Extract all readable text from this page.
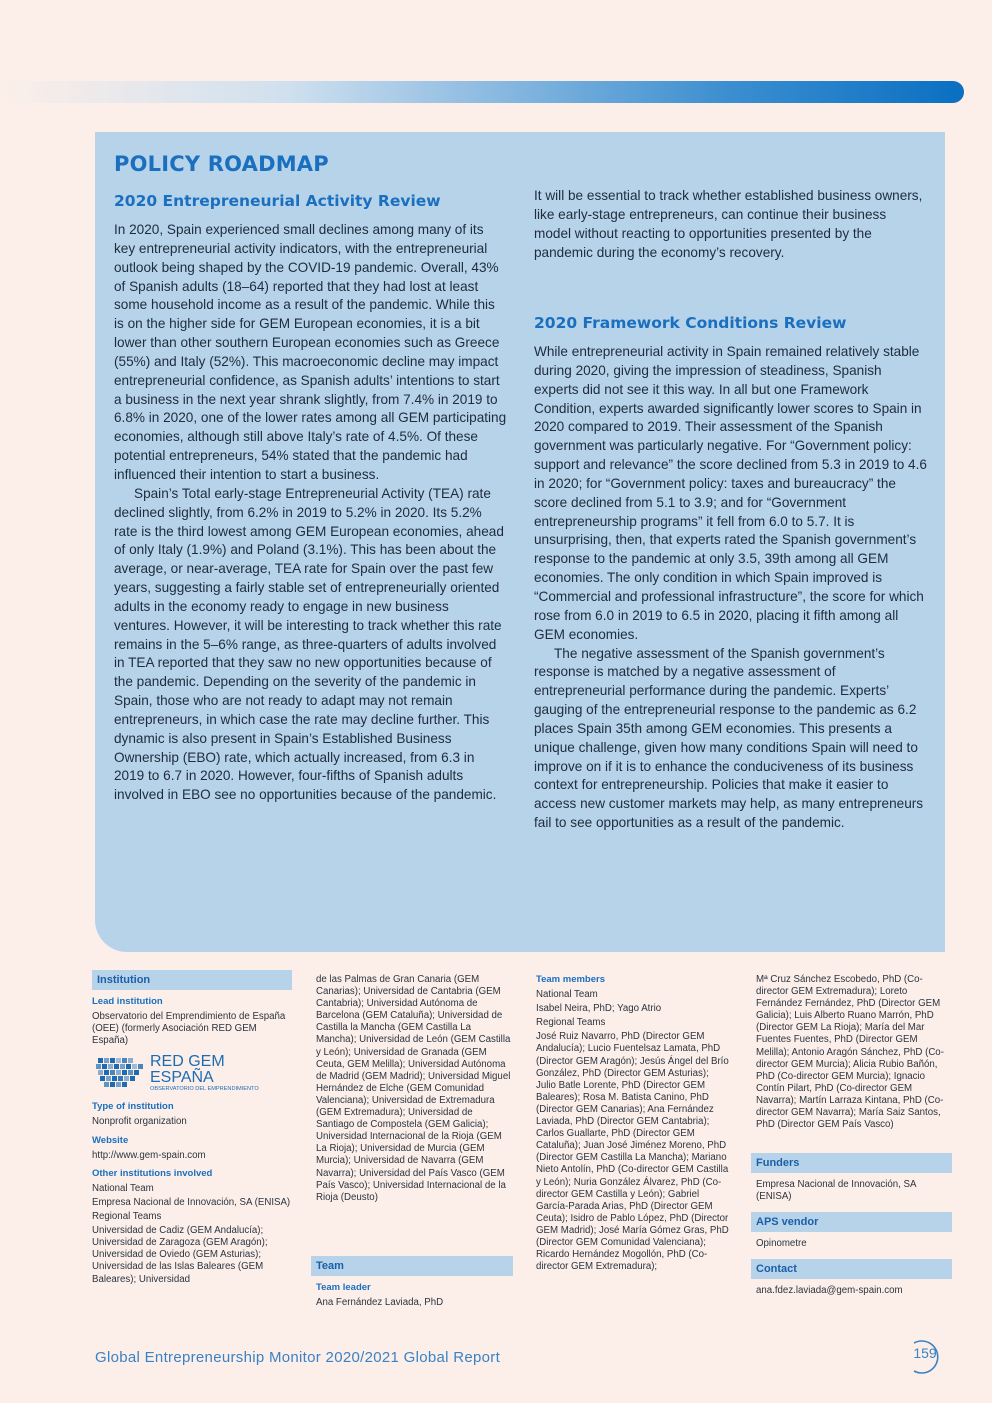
POLICY ROADMAP
2020 Entrepreneurial Activity Review

In 2020, Spain experienced small declines among many of its key entrepreneurial activity indicators, with the entrepreneurial outlook being shaped by the COVID-19 pandemic. Overall, 43% of Spanish adults (18–64) reported that they had lost at least some household income as a result of the pandemic. While this is on the higher side for GEM European economies, it is a bit lower than other southern European economies such as Greece (55%) and Italy (52%). This macroeconomic decline may impact entrepreneurial confidence, as Spanish adults’ intentions to start a business in the next year shrank slightly, from 7.4% in 2019 to 6.8% in 2020, one of the lower rates among all GEM participating economies, although still above Italy’s rate of 4.5%. Of these potential entrepreneurs, 54% stated that the pandemic had influenced their intention to start a business.

Spain’s Total early-stage Entrepreneurial Activity (TEA) rate declined slightly, from 6.2% in 2019 to 5.2% in 2020. Its 5.2% rate is the third lowest among GEM European economies, ahead of only Italy (1.9%) and Poland (3.1%). This has been about the average, or near-average, TEA rate for Spain over the past few years, suggesting a fairly stable set of entrepreneurially oriented adults in the economy ready to engage in new business ventures. However, it will be interesting to track whether this rate remains in the 5–6% range, as three-quarters of adults involved in TEA reported that they saw no new opportunities because of the pandemic. Depending on the severity of the pandemic in Spain, those who are not ready to adapt may not remain entrepreneurs, in which case the rate may decline further. This dynamic is also present in Spain’s Established Business Ownership (EBO) rate, which actually increased, from 6.3 in 2019 to 6.7 in 2020. However, four-fifths of Spanish adults involved in EBO see no opportunities because of the pandemic.

It will be essential to track whether established business owners, like early-stage entrepreneurs, can continue their business model without reacting to opportunities presented by the pandemic during the economy’s recovery.

2020 Framework Conditions Review

While entrepreneurial activity in Spain remained relatively stable during 2020, giving the impression of steadiness, Spanish experts did not see it this way. In all but one Framework Condition, experts awarded significantly lower scores to Spain in 2020 compared to 2019. Their assessment of the Spanish government was particularly negative. For “Government policy: support and relevance” the score declined from 5.3 in 2019 to 4.6 in 2020; for “Government policy: taxes and bureaucracy” the score declined from 5.1 to 3.9; and for “Government entrepreneurship programs” it fell from 6.0 to 5.7. It is unsurprising, then, that experts rated the Spanish government’s response to the pandemic at only 3.5, 39th among all GEM economies. The only condition in which Spain improved is “Commercial and professional infrastructure”, the score for which rose from 6.0 in 2019 to 6.5 in 2020, placing it fifth among all GEM economies.

The negative assessment of the Spanish government’s response is matched by a negative assessment of entrepreneurial performance during the pandemic. Experts’ gauging of the entrepreneurial response to the pandemic as 6.2 places Spain 35th among GEM economies. This presents a unique challenge, given how many conditions Spain will need to improve on if it is to enhance the conduciveness of its business context for entrepreneurship. Policies that make it easier to access new customer markets may help, as many entrepreneurs fail to see opportunities as a result of the pandemic.

Institution
Lead institution

Observatorio del Emprendimiento de España (OEE) (formerly Asociación RED GEM España)

RED GEM
ESPAÑA
OBSERVATORIO DEL EMPRENDIMIENTO
Type of institution

Nonprofit organization

Website

http://www.gem-spain.com

Other institutions involved

National Team

Empresa Nacional de Innovación, SA (ENISA)

Regional Teams

Universidad de Cadiz (GEM Andalucía); Universidad de Zaragoza (GEM Aragón); Universidad de Oviedo (GEM Asturias); Universidad de las Islas Baleares (GEM Baleares); Universidad

de las Palmas de Gran Canaria (GEM Canarias); Universidad de Cantabria (GEM Cantabria); Universidad Autónoma de Barcelona (GEM Cataluña); Universidad de Castilla la Mancha (GEM Castilla La Mancha); Universidad de León (GEM Castilla y León); Universidad de Granada (GEM Ceuta, GEM Melilla); Universidad Autónoma de Madrid (GEM Madrid); Universidad Miguel Hernández de Elche (GEM Comunidad Valenciana); Universidad de Extremadura (GEM Extremadura); Universidad de Santiago de Compostela (GEM Galicia); Universidad Internacional de la Rioja (GEM La Rioja); Universidad de Murcia (GEM Murcia); Universidad de Navarra (GEM Navarra); Universidad del País Vasco (GEM País Vasco); Universidad Internacional de la Rioja (Deusto)

Team
Team leader

Ana Fernández Laviada, PhD

Team members

National Team

Isabel Neira, PhD; Yago Atrio

Regional Teams

José Ruiz Navarro, PhD (Director GEM Andalucía); Lucio Fuentelsaz Lamata, PhD (Director GEM Aragón); Jesús Ángel del Brío González, PhD (Director GEM Asturias); Julio Batle Lorente, PhD (Director GEM Baleares); Rosa M. Batista Canino, PhD (Director GEM Canarias); Ana Fernández Laviada, PhD (Director GEM Cantabria); Carlos Guallarte, PhD (Director GEM Cataluña); Juan José Jiménez Moreno, PhD (Director GEM Castilla La Mancha); Mariano Nieto Antolín, PhD (Co-director GEM Castilla y León); Nuria González Álvarez, PhD (Co-director GEM Castilla y León); Gabriel García-Parada Arias, PhD (Director GEM Ceuta); Isidro de Pablo López, PhD (Director GEM Madrid); José María Gómez Gras, PhD (Director GEM Comunidad Valenciana); Ricardo Hernández Mogollón, PhD (Co-director GEM Extremadura);

Mª Cruz Sánchez Escobedo, PhD (Co-director GEM Extremadura); Loreto Fernández Fernández, PhD (Director GEM Galicia); Luis Alberto Ruano Marrón, PhD (Director GEM La Rioja); María del Mar Fuentes Fuentes, PhD (Director GEM Melilla); Antonio Aragón Sánchez, PhD (Co-director GEM Murcia); Alicia Rubio Bañón, PhD (Co-director GEM Murcia); Ignacio Contín Pilart, PhD (Co-director GEM Navarra); Martín Larraza Kintana, PhD (Co-director GEM Navarra); María Saiz Santos, PhD (Director GEM País Vasco)

Funders

Empresa Nacional de Innovación, SA (ENISA)

APS vendor

Opinometre

Contact

ana.fdez.laviada@gem-spain.com

Global Entrepreneurship Monitor 2020/2021 Global Report	159
